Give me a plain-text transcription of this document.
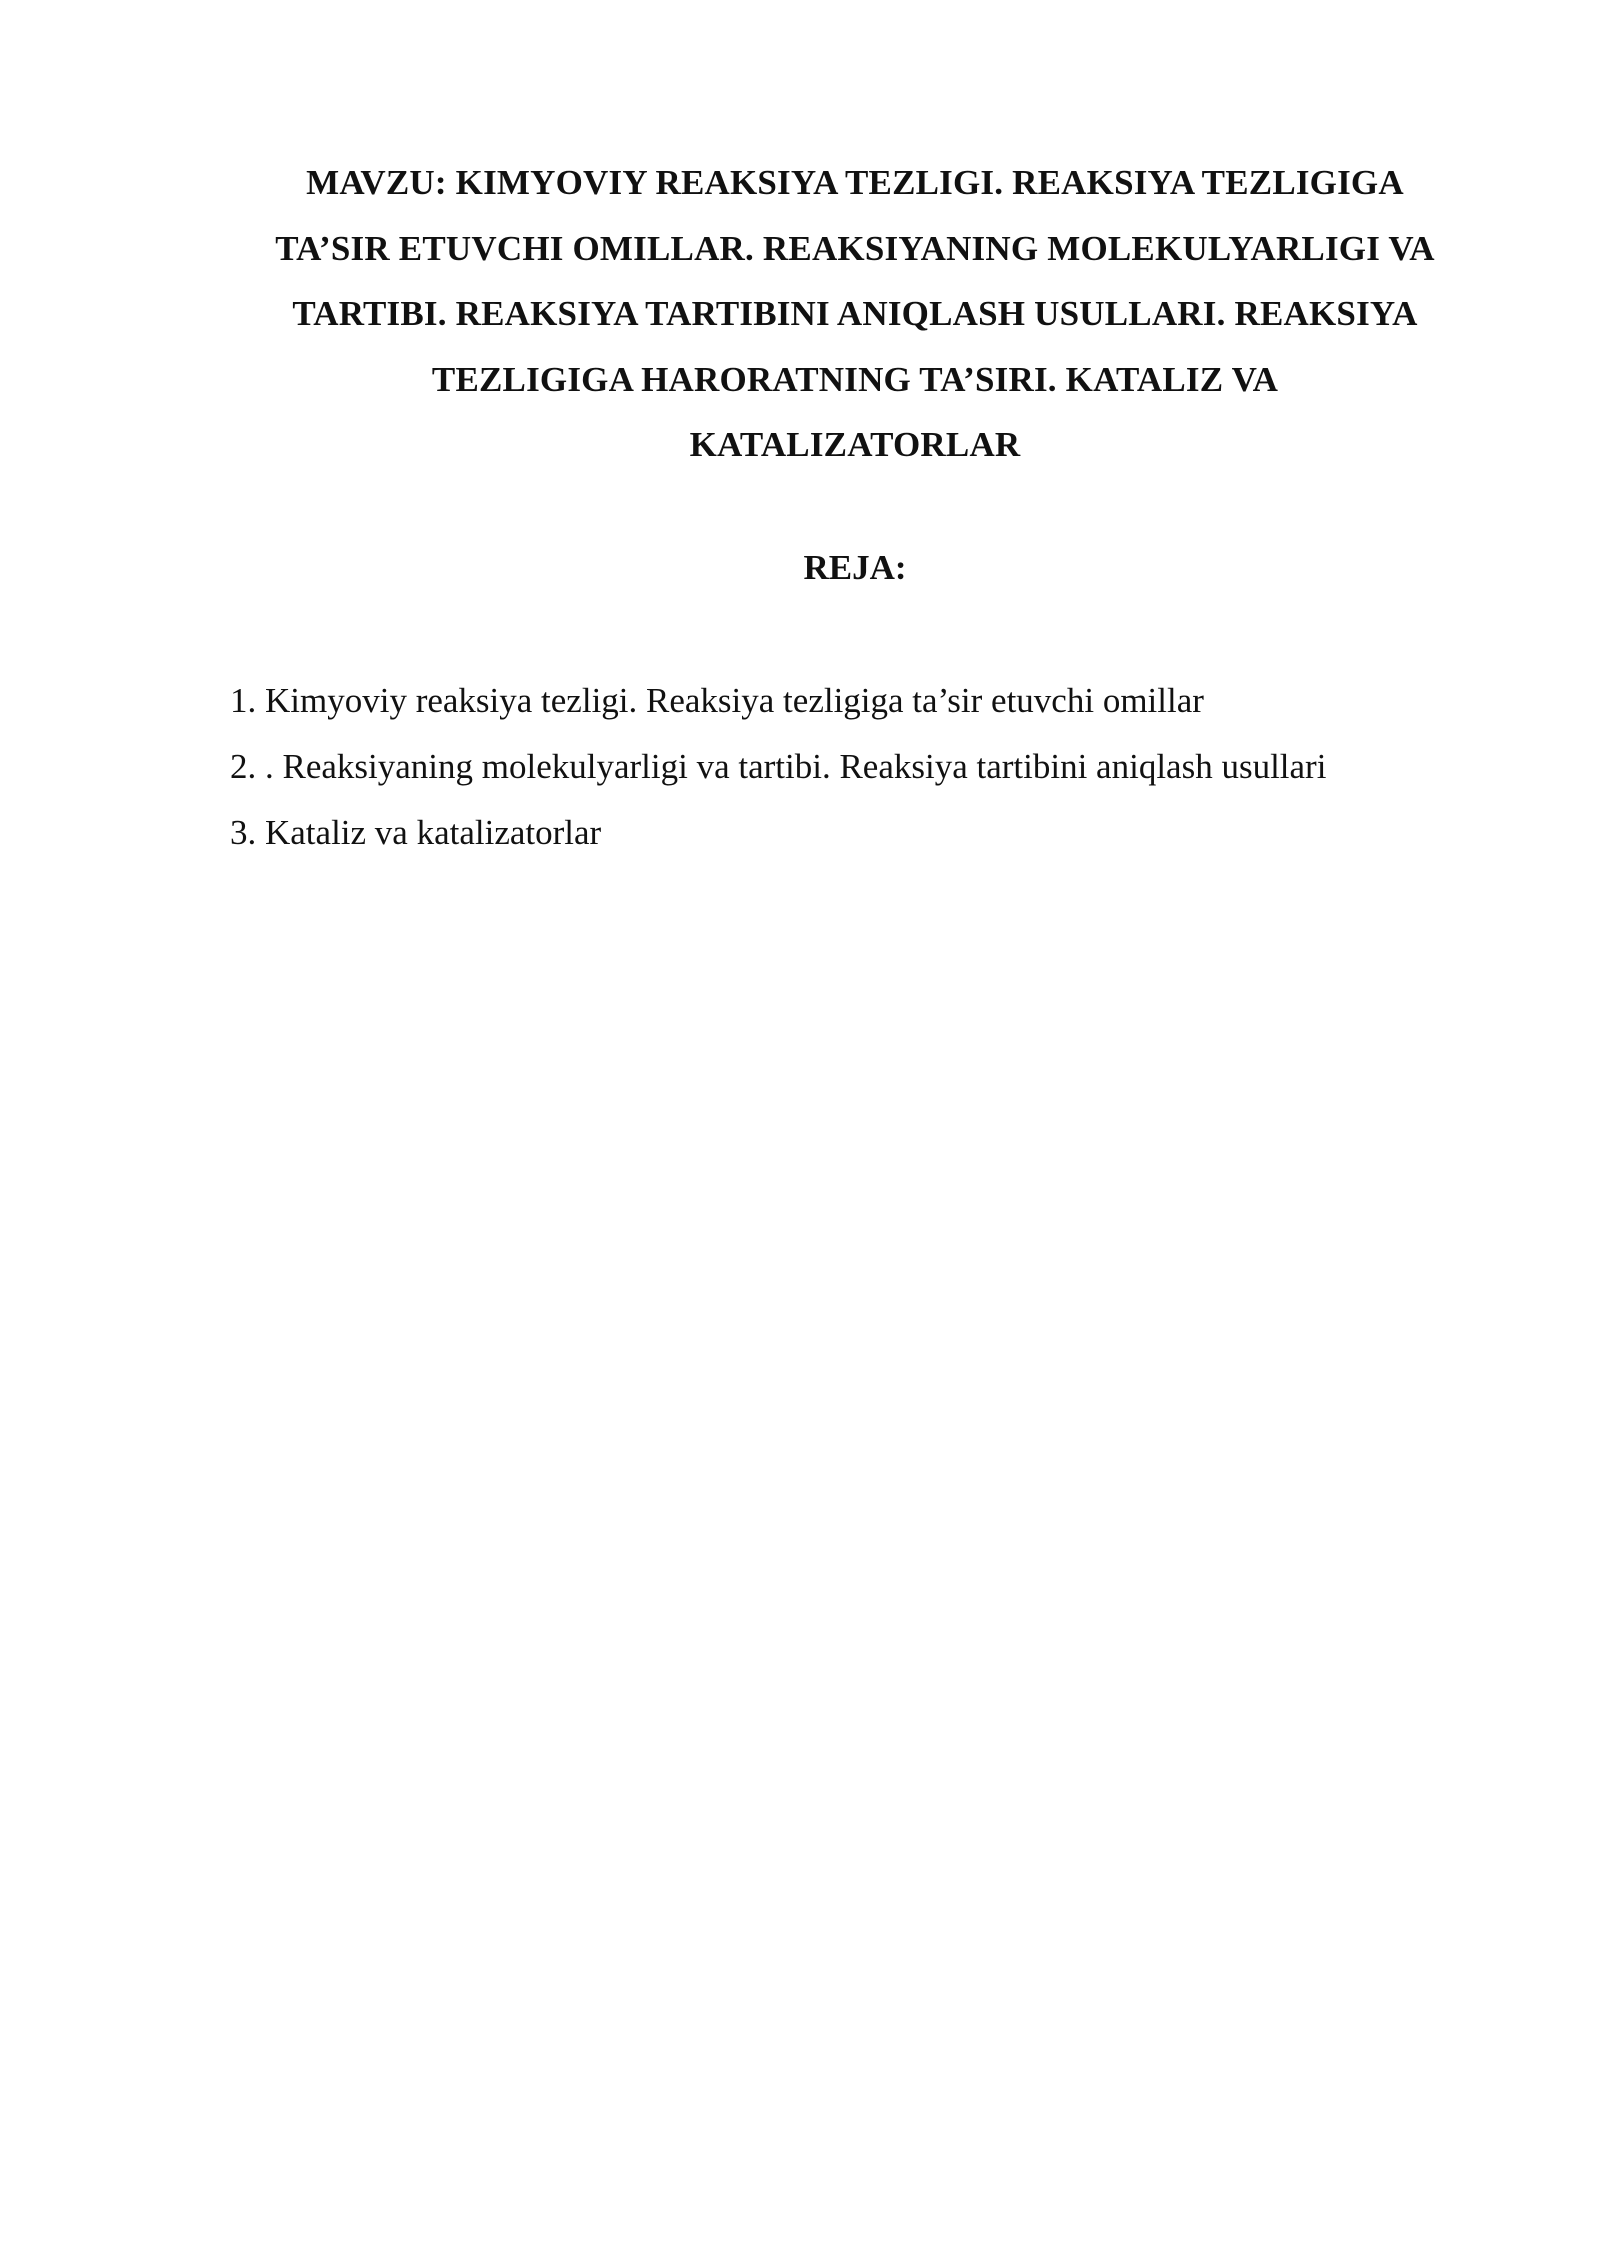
MAVZU: KIMYOVIY REAKSIYA TEZLIGI. REAKSIYA TEZLIGIGA
TA’SIR ETUVCHI OMILLAR. REAKSIYANING MOLEKULYARLIGI VA
TARTIBI. REAKSIYA TARTIBINI ANIQLASH USULLARI. REAKSIYA
TEZLIGIGA HARORATNING TA’SIRI. KATALIZ VA
KATALIZATORLAR
REJA:
1. Kimyoviy reaksiya tezligi. Reaksiya tezligiga ta’sir etuvchi omillar
2. . Reaksiyaning molekulyarligi va tartibi. Reaksiya tartibini aniqlash usullari
3. Kataliz va katalizatorlar
